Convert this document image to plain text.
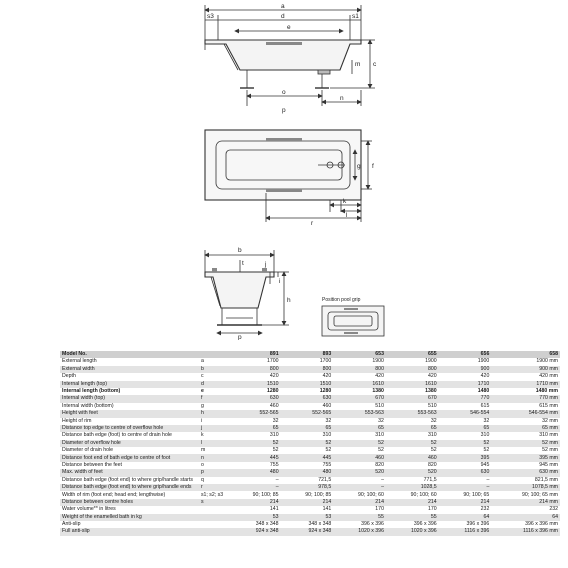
a
s3	d	s1
e
c
m
o
n
p
g f
k
l
r
b
t	j
i
h
p
Position pool grip
Model No.		891	893	653	655	656	658
External length	a	1700	1700	1900	1900	1900	1900 mm
External width	b	800	800	800	800	900	900 mm
Depth	c	420	420	420	420	420	420 mm
Internal length (top)	d	1510	1510	1610	1610	1710	1710 mm
Internal length (bottom)	e	1280	1280	1380	1380	1480	1480 mm
Internal width (top)	f	630	630	670	670	770	770 mm
Internal width (bottom)	g	460	460	510	510	615	615 mm
Height with feet	h	552-565	552-565	553-563	553-563	546-554	546-554 mm
Height of rim	i	32	32	32	32	32	32 mm
Distance top edge to centre of overflow hole	j	65	65	65	65	65	65 mm
Distance bath edge (foot) to centre of drain hole	k	310	310	310	310	310	310 mm
Diameter of overflow hole	l	52	52	52	52	52	52 mm
Diameter of drain hole	m	52	52	52	52	52	52 mm
Distance foot end of bath edge to centre of foot	n	445	445	460	460	395	395 mm
Distance between the feet	o	755	755	820	820	945	945 mm
Max. width of feet	p	480	480	520	520	630	630 mm
Distance bath edge (foot end) to where grip/handle starts	q	–	721,5	–	771,5	–	821,5 mm
Distance bath edge (foot end) to where grip/handle ends	r	–	978,5	–	1028,5	–	1078,5 mm
Width of rim (foot end; head end; lengthwise)	s1; s2; s3	90; 100; 85	90; 100; 85	90; 100; 60	90; 100; 60	90; 100; 65	90; 100; 65 mm
Distance between centre holes	s	214	214	214	214	214	214 mm
Water volume** in litres		141	141	170	170	232	232
Weight of the enamelled bath in kg		53	53	55	55	64	64
Anti-slip		348 x 348	348 x 348	396 x 396	396 x 396	396 x 396	396 x 396 mm
Full anti-slip		924 x 348	924 x 348	1020 x 396	1020 x 396	1116 x 396	1116 x 396 mm
